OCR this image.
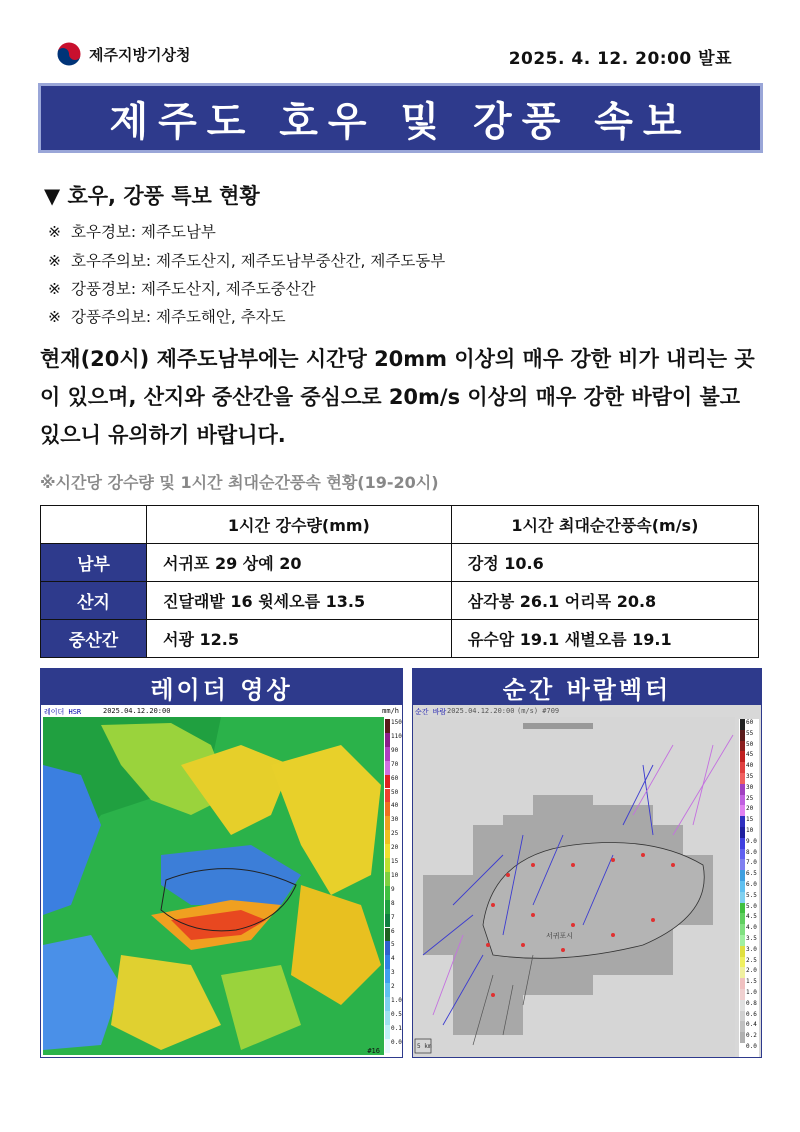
제주지방기상청	2025. 4. 12. 20:00 발표
제주도 호우 및 강풍 속보
▼ 호우, 강풍 특보 현황
※ 호우경보: 제주도남부
※ 호우주의보: 제주도산지, 제주도남부중산간, 제주도동부
※ 강풍경보: 제주도산지, 제주도중산간
※ 강풍주의보: 제주도해안, 추자도
현재(20시) 제주도남부에는 시간당 20mm 이상의 매우 강한 비가 내리는 곳이 있으며, 산지와 중산간을 중심으로 20m/s 이상의 매우 강한 바람이 불고 있으니 유의하기 바랍니다.
※시간당 강수량 및 1시간 최대순간풍속 현황(19-20시)
	1시간 강수량(mm)	1시간 최대순간풍속(m/s)
남부	서귀포 29 상예 20	강정 10.6
산지	진달래밭 16 윗세오름 13.5	삼각봉 26.1 어리목 20.8
중산간	서광 12.5	유수암 19.1 새별오름 19.1
레이더 영상
레이더 HSR	2025.04.12.20:00	mm/h
150
110
90
70
60
50
40
30
25
20
15
10
9
8
7
6
5
4
3
2
1.0
0.5
0.1
0.0
#16
순간 바람벡터
순간 바람 2025.04.12.20:00 (m/s) #709
서귀포시
5 km
60
55
50
45
40
35
30
25
20
15
10
9.0
8.0
7.0
6.5
6.0
5.5
5.0
4.5
4.0
3.5
3.0
2.5
2.0
1.5
1.0
0.8
0.6
0.4
0.2
0.0
